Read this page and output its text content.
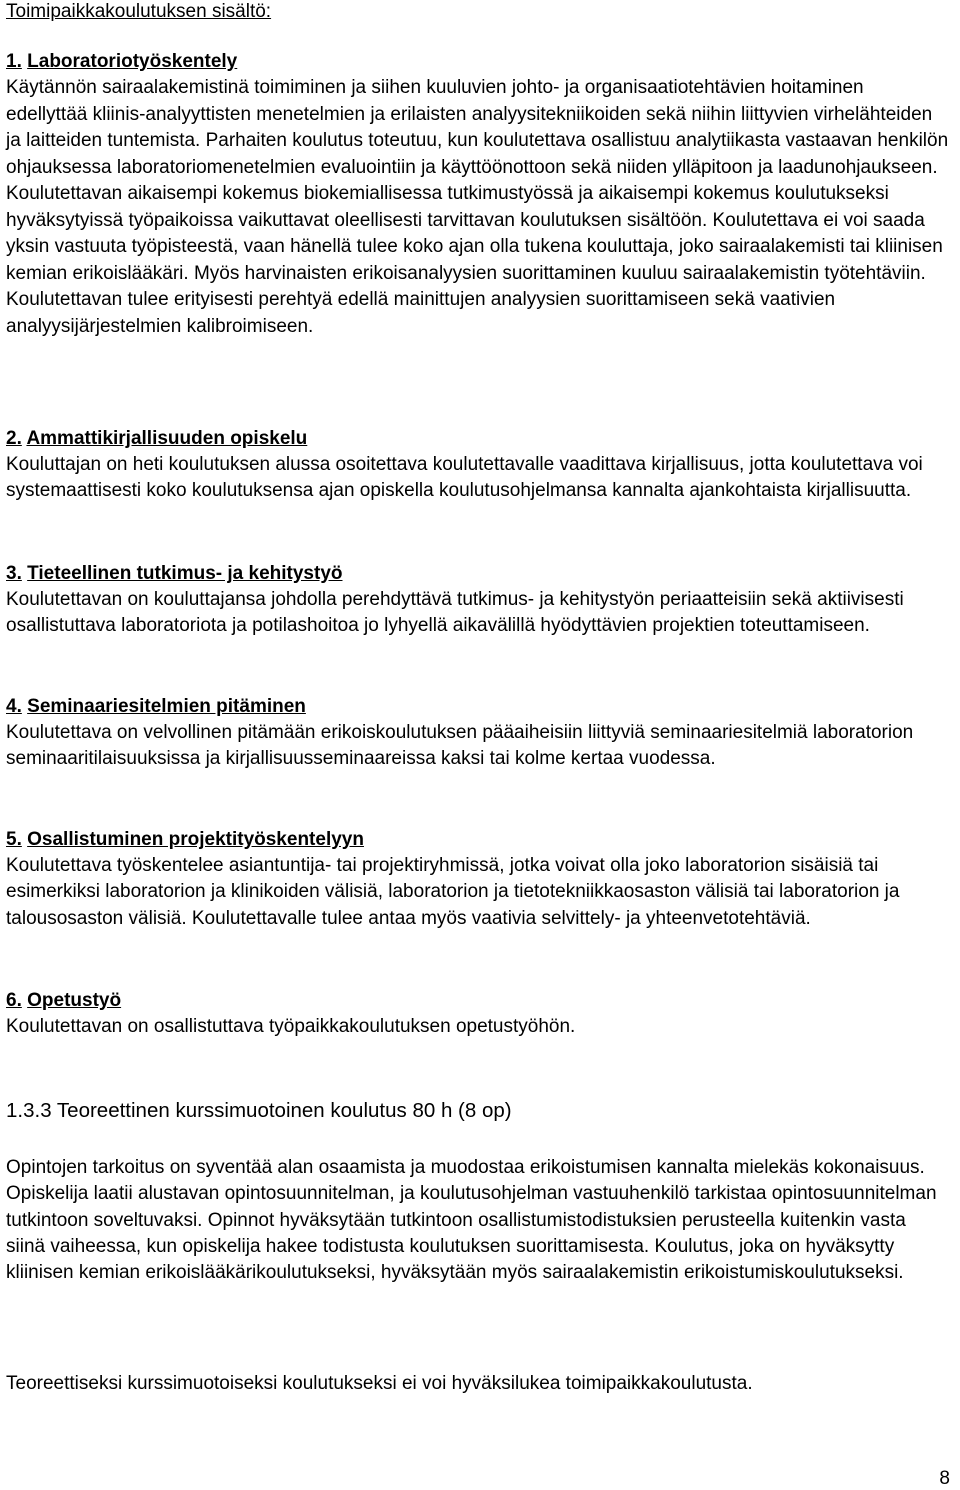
Toimipaikkakoulutuksen sisältö:

1. Laboratoriotyöskentely

Käytännön sairaalakemistinä toimiminen ja siihen kuuluvien johto- ja organisaatiotehtävien hoitaminen edellyttää kliinis-analyyttisten menetelmien ja erilaisten analyysitekniikoiden sekä niihin liittyvien virhelähteiden ja laitteiden tuntemista. Parhaiten koulutus toteutuu, kun koulutettava osallistuu analytiikasta vastaavan henkilön ohjauksessa laboratoriomenetelmien evaluointiin ja käyttöönottoon sekä niiden ylläpitoon ja laadunohjaukseen. Koulutettavan aikaisempi kokemus biokemiallisessa tutkimustyössä ja aikaisempi kokemus koulutukseksi hyväksytyissä työpaikoissa vaikuttavat oleellisesti tarvittavan koulutuksen sisältöön. Koulutettava ei voi saada yksin vastuuta työpisteestä, vaan hänellä tulee koko ajan olla tukena kouluttaja, joko sairaalakemisti tai kliinisen kemian erikoislääkäri. Myös harvinaisten erikoisanalyysien suorittaminen kuuluu sairaalakemistin työtehtäviin. Koulutettavan tulee erityisesti perehtyä edellä mainittujen analyysien suorittamiseen sekä vaativien analyysijärjestelmien kalibroimiseen.

2. Ammattikirjallisuuden opiskelu

Kouluttajan on heti koulutuksen alussa osoitettava koulutettavalle vaadittava kirjallisuus, jotta koulutettava voi systemaattisesti koko koulutuksensa ajan opiskella koulutusohjelmansa kannalta ajankohtaista kirjallisuutta.

3. Tieteellinen tutkimus- ja kehitystyö

Koulutettavan on kouluttajansa johdolla perehdyttävä tutkimus- ja kehitystyön periaatteisiin sekä aktiivisesti osallistuttava laboratoriota ja potilashoitoa jo lyhyellä aikavälillä hyödyttävien projektien toteuttamiseen.

4. Seminaariesitelmien pitäminen

Koulutettava on velvollinen pitämään erikoiskoulutuksen pääaiheisiin liittyviä seminaariesitelmiä laboratorion seminaaritilaisuuksissa ja kirjallisuusseminaareissa kaksi tai kolme kertaa vuodessa.

5. Osallistuminen projektityöskentelyyn

Koulutettava työskentelee asiantuntija- tai projektiryhmissä, jotka voivat olla joko laboratorion sisäisiä tai esimerkiksi laboratorion ja klinikoiden välisiä, laboratorion ja tietotekniikkaosaston välisiä tai laboratorion ja talousosaston välisiä. Koulutettavalle tulee antaa myös vaativia selvittely- ja yhteenvetotehtäviä.

6. Opetustyö

Koulutettavan on osallistuttava työpaikkakoulutuksen opetustyöhön.

1.3.3 Teoreettinen kurssimuotoinen koulutus 80 h (8 op)

Opintojen tarkoitus on syventää alan osaamista ja muodostaa erikoistumisen kannalta mielekäs kokonaisuus. Opiskelija laatii alustavan opintosuunnitelman, ja koulutusohjelman vastuuhenkilö tarkistaa opintosuunnitelman tutkintoon soveltuvaksi. Opinnot hyväksytään tutkintoon osallistumistodistuksien perusteella kuitenkin vasta siinä vaiheessa, kun opiskelija hakee todistusta koulutuksen suorittamisesta. Koulutus, joka on hyväksytty kliinisen kemian erikoislääkärikoulutukseksi, hyväksytään myös sairaalakemistin erikoistumiskoulutukseksi.

Teoreettiseksi kurssimuotoiseksi koulutukseksi ei voi hyväksilukea toimipaikkakoulutusta.

8
